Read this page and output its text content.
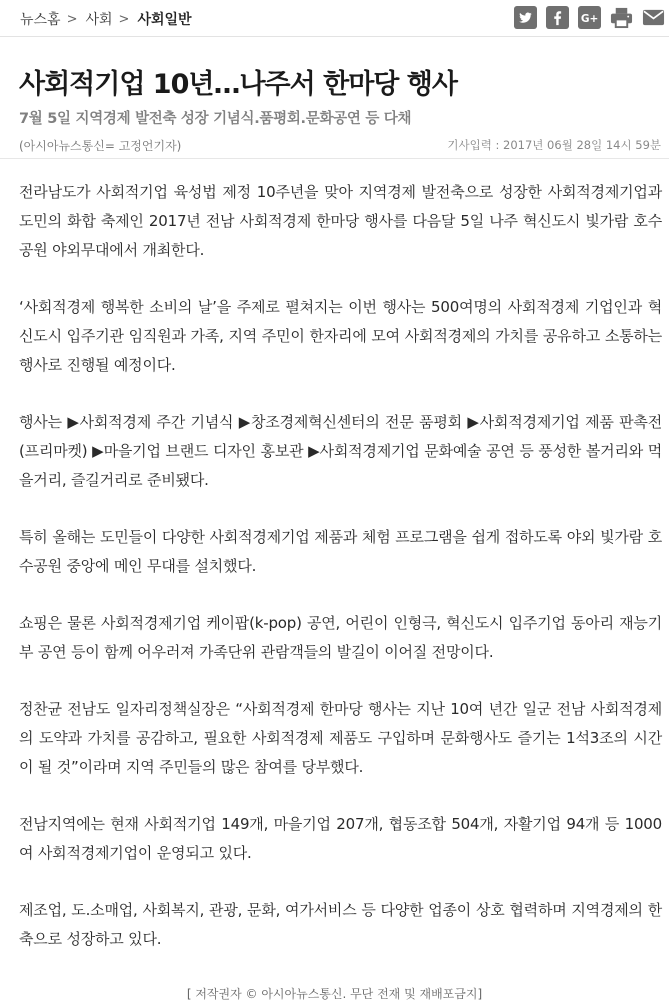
뉴스홈 > 사회 > 사회일반	G+
사회적기업 10년…나주서 한마당 행사
7월 5일 지역경제 발전축 성장 기념식.품평회.문화공연 등 다채
(아시아뉴스통신= 고정언기자)	기사입력 : 2017년 06월 28일 14시 59분

전라남도가 사회적기업 육성법 제정 10주년을 맞아 지역경제 발전축으로 성장한 사회적경제기업과 도민의 화합 축제인 2017년 전남 사회적경제 한마당 행사를 다음달 5일 나주 혁신도시 빛가람 호수공원 야외무대에서 개최한다.

‘사회적경제 행복한 소비의 날’을 주제로 펼쳐지는 이번 행사는 500여명의 사회적경제 기업인과 혁신도시 입주기관 임직원과 가족, 지역 주민이 한자리에 모여 사회적경제의 가치를 공유하고 소통하는 행사로 진행될 예정이다.

행사는 ▶사회적경제 주간 기념식 ▶창조경제혁신센터의 전문 품평회 ▶사회적경제기업 제품 판촉전(프리마켓) ▶마을기업 브랜드 디자인 홍보관 ▶사회적경제기업 문화예술 공연 등 풍성한 볼거리와 먹을거리, 즐길거리로 준비됐다.

특히 올해는 도민들이 다양한 사회적경제기업 제품과 체험 프로그램을 쉽게 접하도록 야외 빛가람 호수공원 중앙에 메인 무대를 설치했다.

쇼핑은 물론 사회적경제기업 케이팝(k-pop) 공연, 어린이 인형극, 혁신도시 입주기업 동아리 재능기부 공연 등이 함께 어우러져 가족단위 관람객들의 발길이 이어질 전망이다.

정찬균 전남도 일자리정책실장은 “사회적경제 한마당 행사는 지난 10여 년간 일군 전남 사회적경제의 도약과 가치를 공감하고, 필요한 사회적경제 제품도 구입하며 문화행사도 즐기는 1석3조의 시간이 될 것”이라며 지역 주민들의 많은 참여를 당부했다.

전남지역에는 현재 사회적기업 149개, 마을기업 207개, 협동조합 504개, 자활기업 94개 등 1000여 사회적경제기업이 운영되고 있다.

제조업, 도.소매업, 사회복지, 관광, 문화, 여가서비스 등 다양한 업종이 상호 협력하며 지역경제의 한 축으로 성장하고 있다.

[ 저작권자 © 아시아뉴스통신. 무단 전재 및 재배포금지]
